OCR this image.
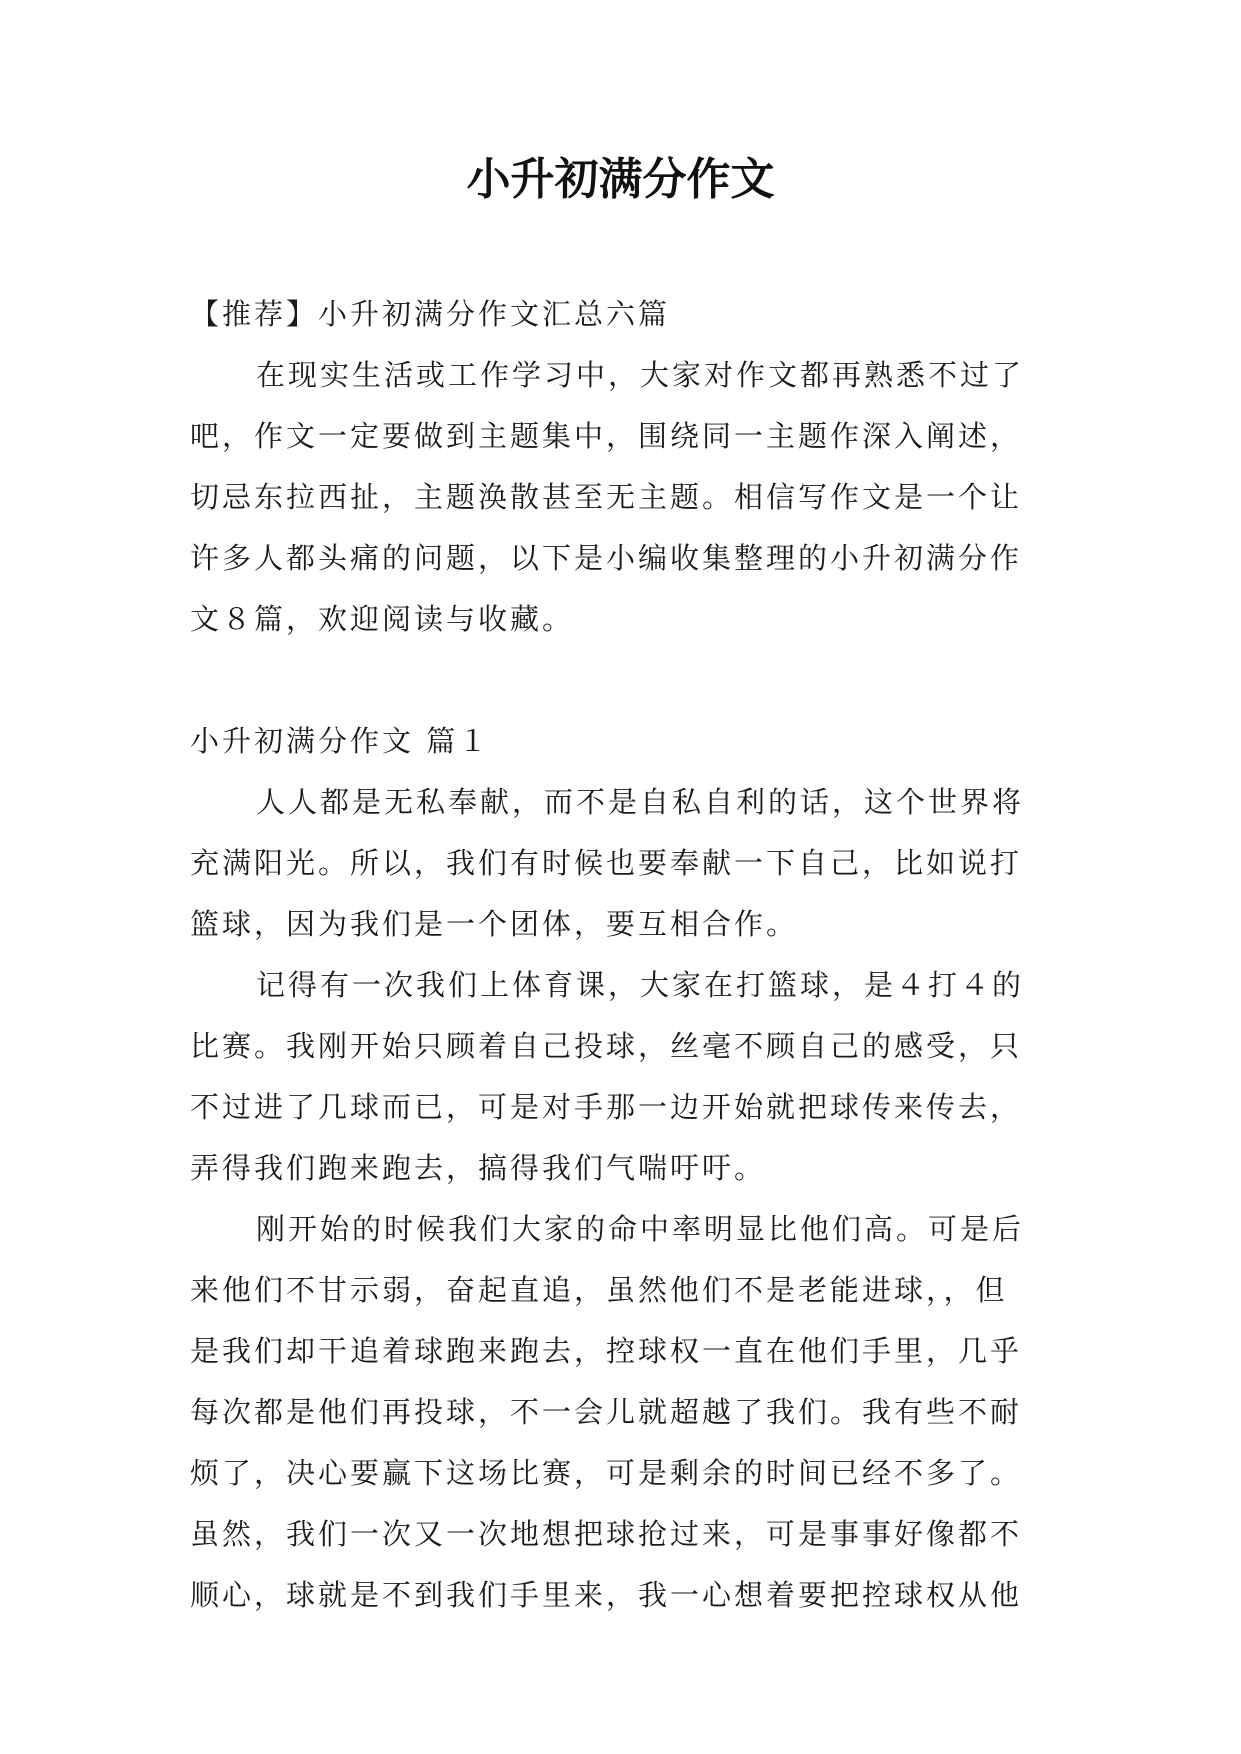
小升初满分作文
【推荐】小升初满分作文汇总六篇
在现实生活或工作学习中，大家对作文都再熟悉不过了
吧，作文一定要做到主题集中，围绕同一主题作深入阐述，
切忌东拉西扯，主题涣散甚至无主题。相信写作文是一个让
许多人都头痛的问题，以下是小编收集整理的小升初满分作
文８篇，欢迎阅读与收藏。
小升初满分作文 篇１
人人都是无私奉献，而不是自私自利的话，这个世界将
充满阳光。所以，我们有时候也要奉献一下自己，比如说打
篮球，因为我们是一个团体，要互相合作。
记得有一次我们上体育课，大家在打篮球，是４打４的
比赛。我刚开始只顾着自己投球，丝毫不顾自己的感受，只
不过进了几球而已，可是对手那一边开始就把球传来传去，
弄得我们跑来跑去，搞得我们气喘吁吁。
刚开始的时候我们大家的命中率明显比他们高。可是后
来他们不甘示弱，奋起直追，虽然他们不是老能进球，，但
是我们却干追着球跑来跑去，控球权一直在他们手里，几乎
每次都是他们再投球，不一会儿就超越了我们。我有些不耐
烦了，决心要赢下这场比赛，可是剩余的时间已经不多了。
虽然，我们一次又一次地想把球抢过来，可是事事好像都不
顺心，球就是不到我们手里来，我一心想着要把控球权从他
